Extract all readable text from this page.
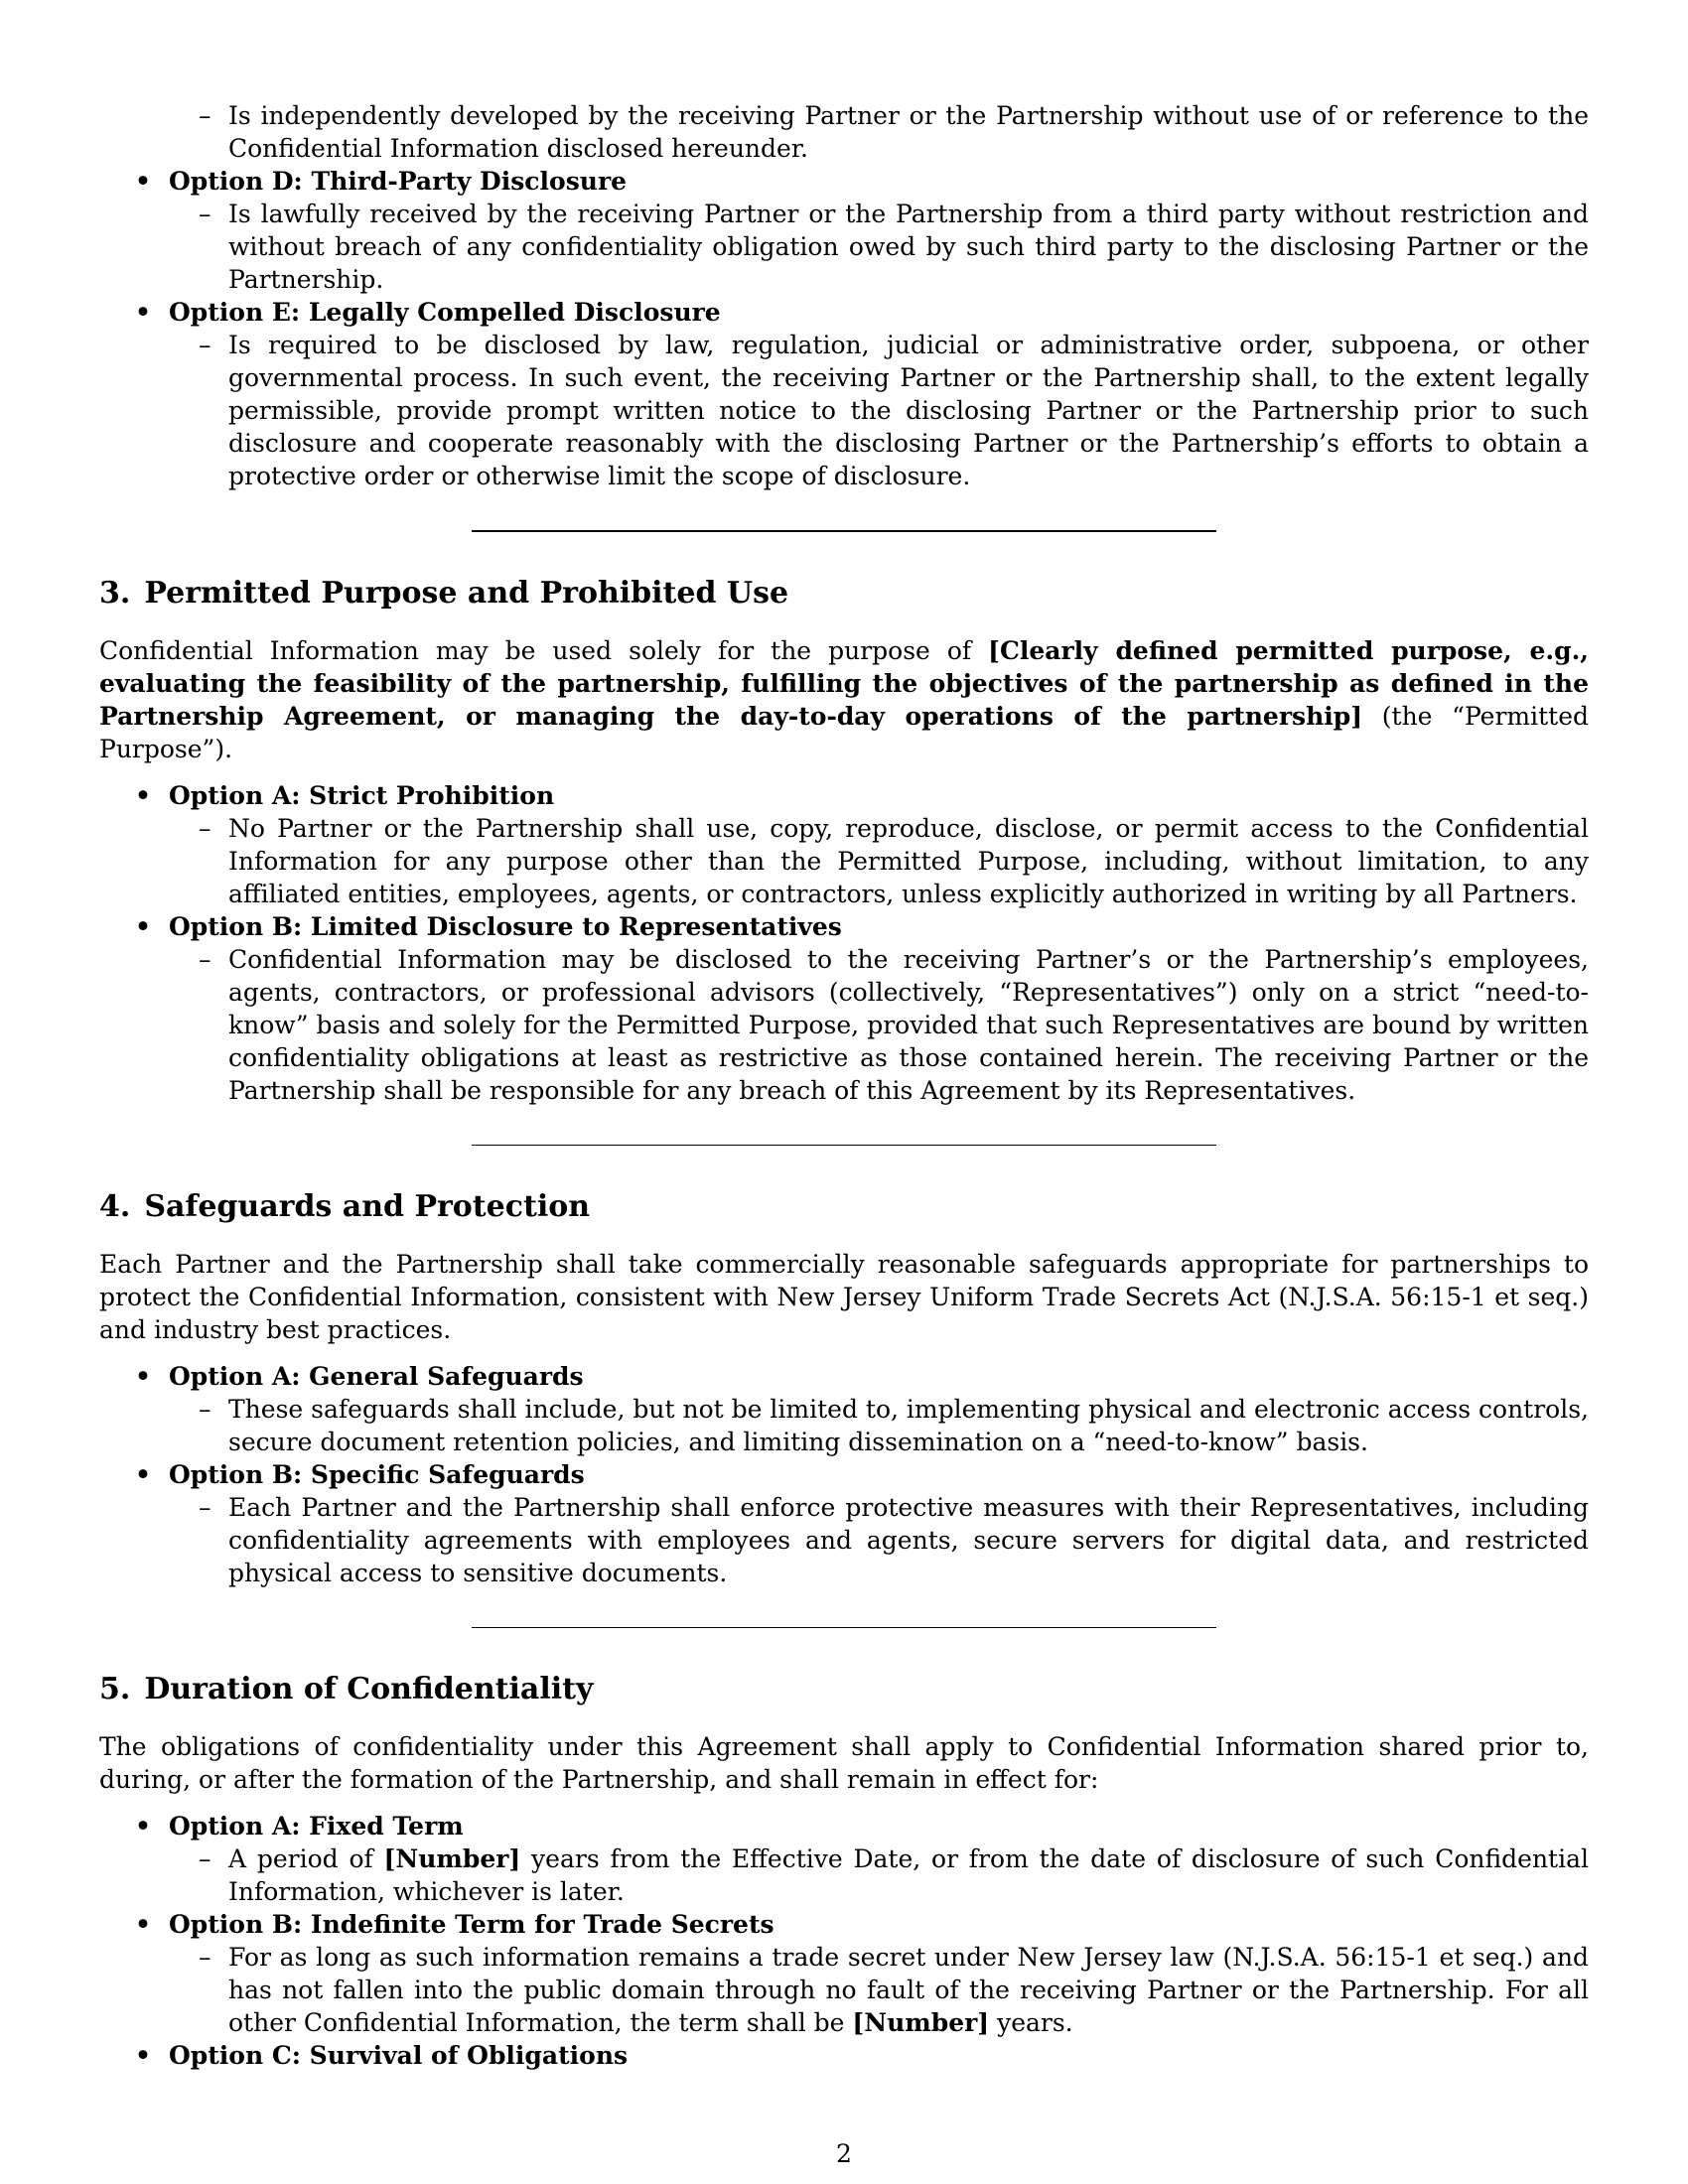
– Is independently developed by the receiving Partner or the Partnership without use of or reference to the Confidential Information disclosed hereunder.
• Option D: Third-Party Disclosure
– Is lawfully received by the receiving Partner or the Partnership from a third party without restriction and without breach of any confidentiality obligation owed by such third party to the disclosing Partner or the Partnership.
• Option E: Legally Compelled Disclosure
– Is required to be disclosed by law, regulation, judicial or administrative order, subpoena, or other governmental process. In such event, the receiving Partner or the Partnership shall, to the extent legally permissible, provide prompt written notice to the disclosing Partner or the Partnership prior to such disclosure and cooperate reasonably with the disclosing Partner or the Partnership’s efforts to obtain a protective order or otherwise limit the scope of disclosure.
3. Permitted Purpose and Prohibited Use

Confidential Information may be used solely for the purpose of [Clearly defined permitted purpose, e.g., evaluating the feasibility of the partnership, fulfilling the objectives of the partnership as defined in the Partnership Agreement, or managing the day-to-day operations of the partnership] (the “Permitted Purpose”).

• Option A: Strict Prohibition
– No Partner or the Partnership shall use, copy, reproduce, disclose, or permit access to the Confidential Information for any purpose other than the Permitted Purpose, including, without limitation, to any affiliated entities, employees, agents, or contractors, unless explicitly authorized in writing by all Partners.
• Option B: Limited Disclosure to Representatives
– Confidential Information may be disclosed to the receiving Partner’s or the Partnership’s employees, agents, contractors, or professional advisors (collectively, “Representatives”) only on a strict “need-to-know” basis and solely for the Permitted Purpose, provided that such Representatives are bound by written confidentiality obligations at least as restrictive as those contained herein. The receiving Partner or the Partnership shall be responsible for any breach of this Agreement by its Representatives.
4. Safeguards and Protection

Each Partner and the Partnership shall take commercially reasonable safeguards appropriate for partnerships to protect the Confidential Information, consistent with New Jersey Uniform Trade Secrets Act (N.J.S.A. 56:15-1 et seq.) and industry best practices.

• Option A: General Safeguards
– These safeguards shall include, but not be limited to, implementing physical and electronic access controls, secure document retention policies, and limiting dissemination on a “need-to-know” basis.
• Option B: Specific Safeguards
– Each Partner and the Partnership shall enforce protective measures with their Representatives, including confidentiality agreements with employees and agents, secure servers for digital data, and restricted physical access to sensitive documents.
5. Duration of Confidentiality

The obligations of confidentiality under this Agreement shall apply to Confidential Information shared prior to, during, or after the formation of the Partnership, and shall remain in effect for:

• Option A: Fixed Term
– A period of [Number] years from the Effective Date, or from the date of disclosure of such Confidential Information, whichever is later.
• Option B: Indefinite Term for Trade Secrets
– For as long as such information remains a trade secret under New Jersey law (N.J.S.A. 56:15-1 et seq.) and has not fallen into the public domain through no fault of the receiving Partner or the Partnership. For all other Confidential Information, the term shall be [Number] years.
• Option C: Survival of Obligations
2
